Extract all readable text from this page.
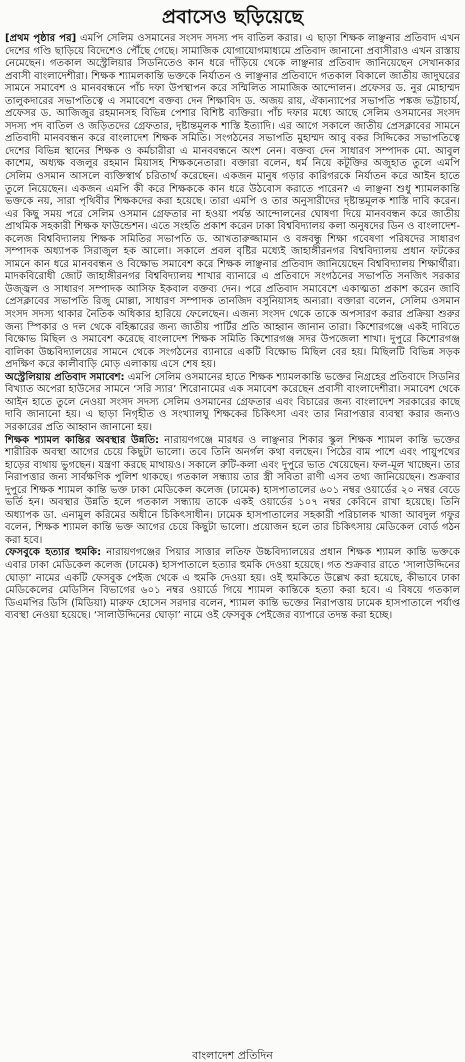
প্রবাসেও ছড়িয়েছে

[প্রথম পৃষ্ঠার পর] এমপি সেলিম ওসমানের সংসদ সদস্য পদ বাতিল করার। এ ছাড়া শিক্ষক লাঞ্ছনার প্রতিবাদ এখন দেশের গণ্ডি ছাড়িয়ে বিদেশেও পৌঁছে গেছে। সামাজিক যোগাযোগমাধ্যমে প্রতিবাদ জানানো প্রবাসীরাও এখন রাস্তায় নেমেছেন। গতকাল অস্ট্রেলিয়ার সিডনিতেও কান ধরে দাঁড়িয়ে থেকে লাঞ্ছনার প্রতিবাদ জানিয়েছেন সেখানকার প্রবাসী বাংলাদেশীরা। শিক্ষক শ্যামলকান্তি ভক্তকে নির্যাতন ও লাঞ্ছনার প্রতিবাদে গতকাল বিকালে জাতীয় জাদুঘরের সামনে সমাবেশ ও মানববন্ধনে পাঁচ দফা উপস্থাপন করে সম্মিলিত সামাজিক আন্দোলন। প্রফেসর ড. নুর মোহাম্মদ তালুকদারের সভাপতিত্বে এ সমাবেশে বক্তব্য দেন শিক্ষাবিদ ড. অজয় রায়, ঐক্যন্যাপের সভাপতি পঙ্কজ ভট্টাচার্য, প্রফেসর ড. আজিজুর রহমানসহ বিভিন্ন পেশার বিশিষ্ট ব্যক্তিরা। পাঁচ দফার মধ্যে আছে সেলিম ওসমানের সংসদ সদস্য পদ বাতিল ও জড়িতদের গ্রেফতার, দৃষ্টান্তমূলক শাস্তি ইত্যাদি। এর আগে সকালে জাতীয় প্রেসক্লাবের সামনে প্রতিবাদী মানববন্ধন করে বাংলাদেশ শিক্ষক সমিতি। সংগঠনের সভাপতি মুহাম্মদ আবু বকর সিদ্দিকের সভাপতিত্বে দেশের বিভিন্ন স্থানের শিক্ষক ও কর্মচারীরা এ মানববন্ধনে অংশ নেন। বক্তব্য দেন সাধারণ সম্পাদক মো. আবুল কাশেম, অধ্যক্ষ বজলুর রহমান মিয়াসহ শিক্ষকনেতারা। বক্তারা বলেন, ধর্ম নিয়ে কটূক্তির অজুহাত তুলে এমপি সেলিম ওসমান আসলে ব্যক্তিস্বার্থ চরিতার্থ করেছেন। একজন মানুষ গড়ার কারিগরকে নির্যাতন করে আইন হাতে তুলে নিয়েছেন। একজন এমপি কী করে শিক্ষককে কান ধরে উঠবোস করাতে পারেন? এ লাঞ্ছনা শুধু শ্যামলকান্তি ভক্তকে নয়, সারা পৃথিবীর শিক্ষকদের করা হয়েছে। তারা এমপি ও তার অনুসারীদের দৃষ্টান্তমূলক শাস্তি দাবি করেন। এর কিছু সময় পরে সেলিম ওসমান গ্রেফতার না হওয়া পর্যন্ত আন্দোলনের ঘোষণা দিয়ে মানববন্ধন করে জাতীয় প্রাথমিক সহকারী শিক্ষক ফাউন্ডেশন। এতে সংহতি প্রকাশ করেন ঢাকা বিশ্ববিদ্যালয় কলা অনুষদের ডিন ও বাংলাদেশ-কলেজ বিশ্ববিদ্যালয় শিক্ষক সমিতির সভাপতি ড. আখতারুজ্জামান ও বঙ্গবন্ধু শিক্ষা গবেষণা পরিষদের সাধারণ সম্পাদক অধ্যাপক সিরাজুল হক আলো। সকালে প্রবল বৃষ্টির মধ্যেই জাহাঙ্গীরনগর বিশ্ববিদ্যালয় প্রধান ফটকের সামনে কান ধরে মানববন্ধন ও বিক্ষোভ সমাবেশ করে শিক্ষক লাঞ্ছনার প্রতিবাদ জানিয়েছেন বিশ্ববিদ্যালয় শিক্ষার্থীরা। মাদকবিরোধী জোট জাহাঙ্গীরনগর বিশ্ববিদ্যালয় শাখার ব্যানারে এ প্রতিবাদে সংগঠনের সভাপতি সনজিৎ সরকার উজ্জ্বল ও সাধারণ সম্পাদক আসিফ ইকবাল বক্তব্য দেন। পরে প্রতিবাদ সমাবেশে একাত্মতা প্রকাশ করেন জাবি প্রেসক্লাবের সভাপতি রিজু মোল্লা, সাধারণ সম্পাদক তানজিদ বসুনিয়াসহ অন্যরা। বক্তারা বলেন, সেলিম ওসমান সংসদ সদস্য থাকার নৈতিক অধিকার হারিয়ে ফেলেছেন। এজন্য সংসদ থেকে তাকে অপসারণ করার প্রক্রিয়া শুরুর জন্য স্পিকার ও দল থেকে বহিষ্কারের জন্য জাতীয় পার্টির প্রতি আহ্বান জানান তারা। কিশোরগঞ্জে একই দাবিতে বিক্ষোভ মিছিল ও সমাবেশ করেছে বাংলাদেশ শিক্ষক সমিতি কিশোরগঞ্জ সদর উপজেলা শাখা। দুপুরে কিশোরগঞ্জ বালিকা উচ্চবিদ্যালয়ের সামনে থেকে সংগঠনের ব্যানারে একটি বিক্ষোভ মিছিল বের হয়। মিছিলটি বিভিন্ন সড়ক প্রদক্ষিণ করে কালীবাড়ি মোড় এলাকায় এসে শেষ হয়।

অস্ট্রেলিয়ায় প্রতিবাদ সমাবেশ: এমপি সেলিম ওসমানের হাতে শিক্ষক শ্যামলকান্তি ভক্তের নিগ্রহের প্রতিবাদে সিডনির বিখ্যাত অপেরা হাউসের সামনে ‘সরি স্যার’ শিরোনামের এক সমাবেশ করেছেন প্রবাসী বাংলাদেশীরা। সমাবেশ থেকে আইন হাতে তুলে নেওয়া সংসদ সদস্য সেলিম ওসমানের গ্রেফতার এবং বিচারের জন্য বাংলাদেশ সরকারের কাছে দাবি জানানো হয়। এ ছাড়া নিগৃহীত ও সংখ্যালঘু শিক্ষকের চিকিৎসা এবং তার নিরাপত্তার ব্যবস্থা করার জন্যও সরকারের প্রতি আহ্বান জানানো হয়।

শিক্ষক শ্যামল কান্তির অবস্থার উন্নতি: নারায়ণগঞ্জে মারধর ও লাঞ্ছনার শিকার স্কুল শিক্ষক শ্যামল কান্তি ভক্তের শারীরিক অবস্থা আগের চেয়ে কিছুটা ভালো। তবে তিনি অনর্গল কথা বলছেন। পিঠের বাম পাশে এবং পায়ুপথের হাড়ের ব্যথায় ভুগছেন। যন্ত্রণা করছে মাথায়ও। সকালে রুটি-কলা এবং দুপুরে ভাত খেয়েছেন। ফল-মূল খাচ্ছেন। তার নিরাপত্তার জন্য সার্বক্ষণিক পুলিশ থাকছে। গতকাল সন্ধ্যায় তার স্ত্রী সবিতা রাণী এসব তথ্য জানিয়েছেন। শুক্রবার দুপুরে শিক্ষক শ্যামল কান্তি ভক্ত ঢাকা মেডিকেল কলেজ (ঢামেক) হাসপাতালের ৬০১ নম্বর ওয়ার্ডের ২০ নম্বর বেডে ভর্তি হন। অবস্থার উন্নতি হলে গতকাল সন্ধ্যায় তাকে একই ওয়ার্ডের ১০৭ নম্বর কেবিনে রাখা হয়েছে। তিনি অধ্যাপক ডা. এনামুল করিমের অধীনে চিকিৎসাধীন। ঢামেক হাসপাতালের সহকারী পরিচালক খাজা আবদুল গফুর বলেন, শিক্ষক শ্যামল কান্তি ভক্ত আগের চেয়ে কিছুটা ভালো। প্রয়োজন হলে তার চিকিৎসায় মেডিকেল বোর্ড গঠন করা হবে।

ফেসবুকে হত্যার হুমকি: নারায়ণগঞ্জের পিয়ার সাত্তার লতিফ উচ্চবিদ্যালয়ের প্রধান শিক্ষক শ্যামল কান্তি ভক্তকে এবার ঢাকা মেডিকেল কলেজ (ঢামেক) হাসপাতালে হত্যার হুমকি দেওয়া হয়েছে। গত শুক্রবার রাতে ‘সালাউদ্দিনের ঘোড়া’ নামের একটি ফেসবুক পেইজ থেকে এ হুমকি দেওয়া হয়। ওই হুমকিতে উল্লেখ করা হয়েছে, কীভাবে ঢাকা মেডিকেলের মেডিসিন বিভাগের ৬০১ নম্বর ওয়ার্ডে গিয়ে শ্যামল কান্তিকে হত্যা করা হবে। এ বিষয়ে গতকাল ডিএমপির ডিসি (মিডিয়া) মারুফ হোসেন সরদার বলেন, শ্যামল কান্তি ভক্তের নিরাপত্তায় ঢামেক হাসপাতালে পর্যাপ্ত ব্যবস্থা নেওয়া হয়েছে। ‘সালাউদ্দিনের ঘোড়া’ নামে ওই ফেসবুক পেইজের ব্যাপারে তদন্ত করা হচ্ছে।

বাংলাদেশ প্রতিদিন
